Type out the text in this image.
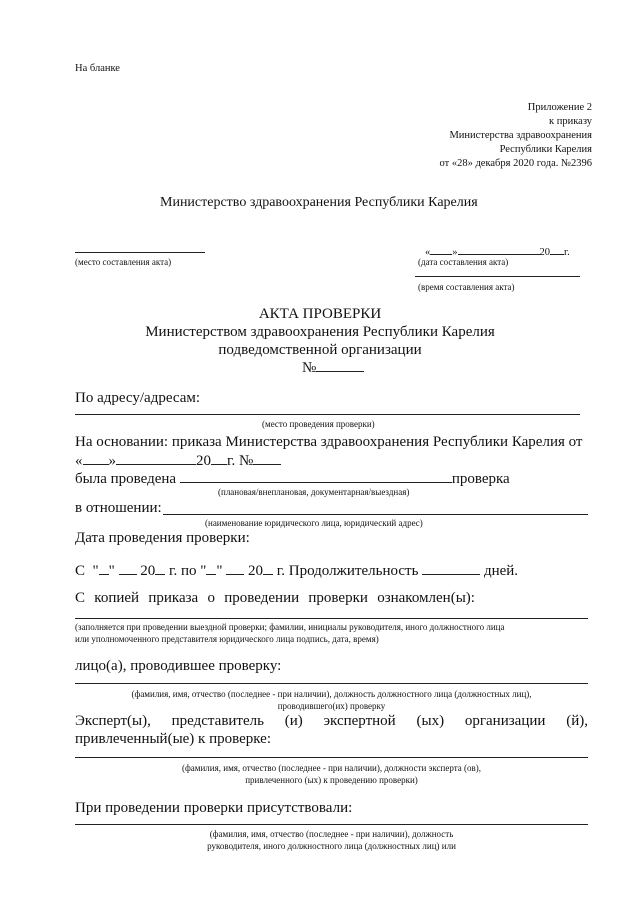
На бланке
Приложение 2
к приказу
Министерства здравоохранения
Республики Карелия
от «28» декабря 2020 года. №2396
Министерство здравоохранения Республики Карелия
(место составления акта)
« »	20 г.
(дата составления акта)
(время составления акта)
АКТА ПРОВЕРКИ
Министерством здравоохранения Республики Карелия
подведомственной организации
№
По адресу/адресам:
(место проведения проверки)
На основании: приказа Министерства здравоохранения Республики Карелия от
« »	20 г. №
была проведена	проверка
(плановая/внеплановая, документарная/выездная)
в отношении:
(наименование юридического лица, юридический адрес)
Дата проведения проверки:
С " " 20 г. по " " 20 г. Продолжительность	дней.
С копией приказа о проведении проверки ознакомлен(ы):
(заполняется при проведении выездной проверки; фамилии, инициалы руководителя, иного должностного лица
или уполномоченного представителя юридического лица подпись, дата, время)
лицо(а), проводившее проверку:
(фамилия, имя, отчество (последнее - при наличии), должность должностного лица (должностных лиц),
проводившего(их) проверку
Эксперт(ы), представитель (и) экспертной (ых) организации (й),
привлеченный(ые) к проверке:
(фамилия, имя, отчество (последнее - при наличии), должности эксперта (ов),
привлеченного (ых) к проведению проверки)
При проведении проверки присутствовали:
(фамилия, имя, отчество (последнее - при наличии), должность
руководителя, иного должностного лица (должностных лиц) или
